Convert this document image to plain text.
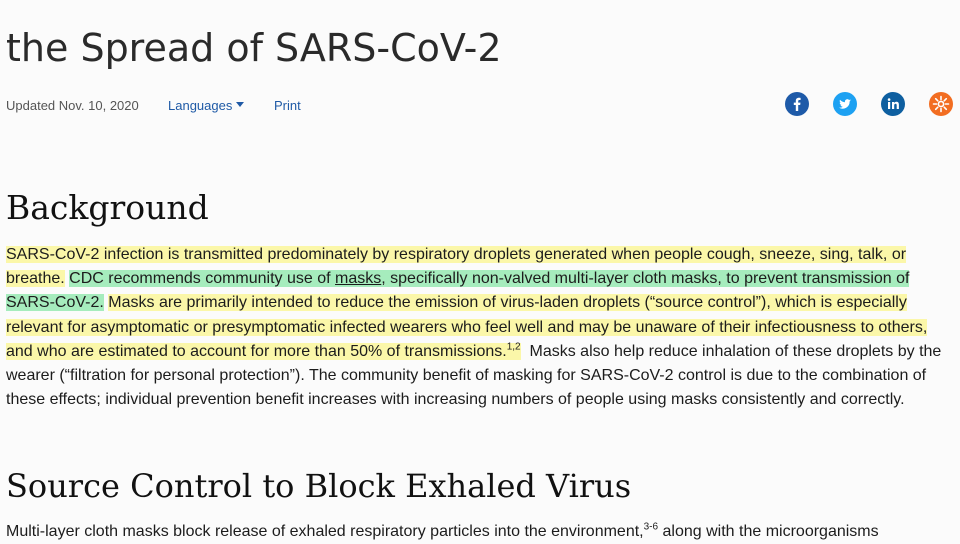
the Spread of SARS-CoV-2
Updated Nov. 10, 2020 Languages	Print
Background

SARS-CoV-2 infection is transmitted predominately by respiratory droplets generated when people cough, sneeze, sing, talk, or breathe. CDC recommends community use of masks, specifically non-valved multi-layer cloth masks, to prevent transmission of SARS-CoV-2. Masks are primarily intended to reduce the emission of virus-laden droplets (“source control”), which is especially relevant for asymptomatic or presymptomatic infected wearers who feel well and may be unaware of their infectiousness to others, and who are estimated to account for more than 50% of transmissions.$^{1,2}$ Masks also help reduce inhalation of these droplets by the wearer (“filtration for personal protection”). The community benefit of masking for SARS-CoV-2 control is due to the combination of these effects; individual prevention benefit increases with increasing numbers of people using masks consistently and correctly.

Source Control to Block Exhaled Virus

Multi-layer cloth masks block release of exhaled respiratory particles into the environment,$^{3-6}$ along with the microorganisms
